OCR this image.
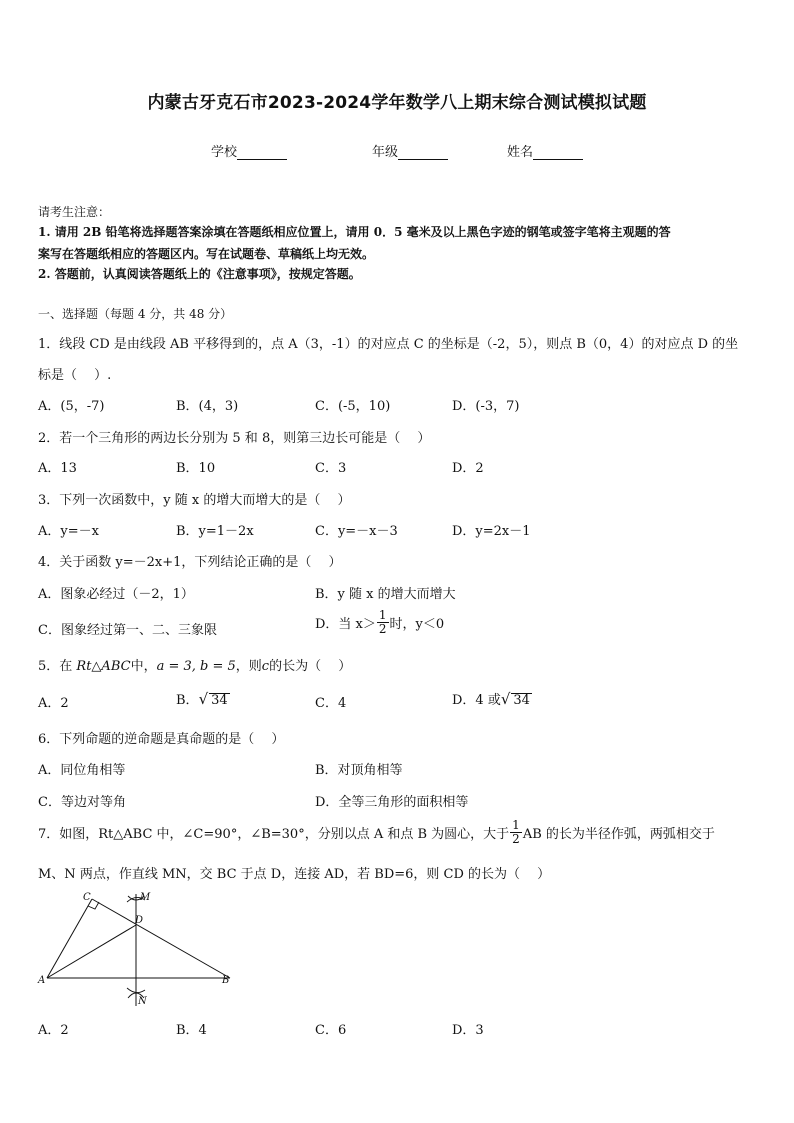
内蒙古牙克石市2023-2024学年数学八上期末综合测试模拟试题
学校	年级	姓名
请考生注意：
1. 请用 2B 铅笔将选择题答案涂填在答题纸相应位置上，请用 0．5 毫米及以上黑色字迹的钢笔或签字笔将主观题的答
案写在答题纸相应的答题区内。写在试题卷、草稿纸上均无效。
2. 答题前，认真阅读答题纸上的《注意事项》，按规定答题。
一、选择题（每题 4 分，共 48 分）
1．线段 CD 是由线段 AB 平移得到的，点 A（3，-1）的对应点 C 的坐标是（-2，5），则点 B（0，4）的对应点 D 的坐
标是（　 ）.
A．(5，-7)	B．(4，3)	C．(-5，10)	D．(-3，7)
2．若一个三角形的两边长分别为 5 和 8，则第三边长可能是（　 ）
A．13	B．10	C．3	D．2
3．下列一次函数中，y 随 x 的增大而增大的是（　 ）
A．y=－x	B．y=1－2x	C．y=－x－3	D．y=2x－1
4．关于函数 y=－2x+1，下列结论正确的是（　 ）
A．图象必经过（－2，1）	B．y 随 x 的增大而增大
C．图象经过第一、二、三象限	D．当 $x> \frac{1}{2}$ 时，y＜0
5．在 Rt△ABC中，a = 3, b = 5，则c的长为（　 ）
A．2	B．√ 34	C．4	D．4 或√ 34
6．下列命题的逆命题是真命题的是（　 ）
A．同位角相等	B．对顶角相等
C．等边对等角	D．全等三角形的面积相等
7．如图，Rt△ABC 中，∠C=90°，∠B=30°，分别以点 A 和点 B 为圆心，大于 $\frac{1}{2}$ AB 的长为半径作弧，两弧相交于
M、N 两点，作直线 MN，交 BC 于点 D，连接 AD，若 BD=6，则 CD 的长为（　 ）
C	M
D
A	B
N
A．2	B．4	C．6	D．3
